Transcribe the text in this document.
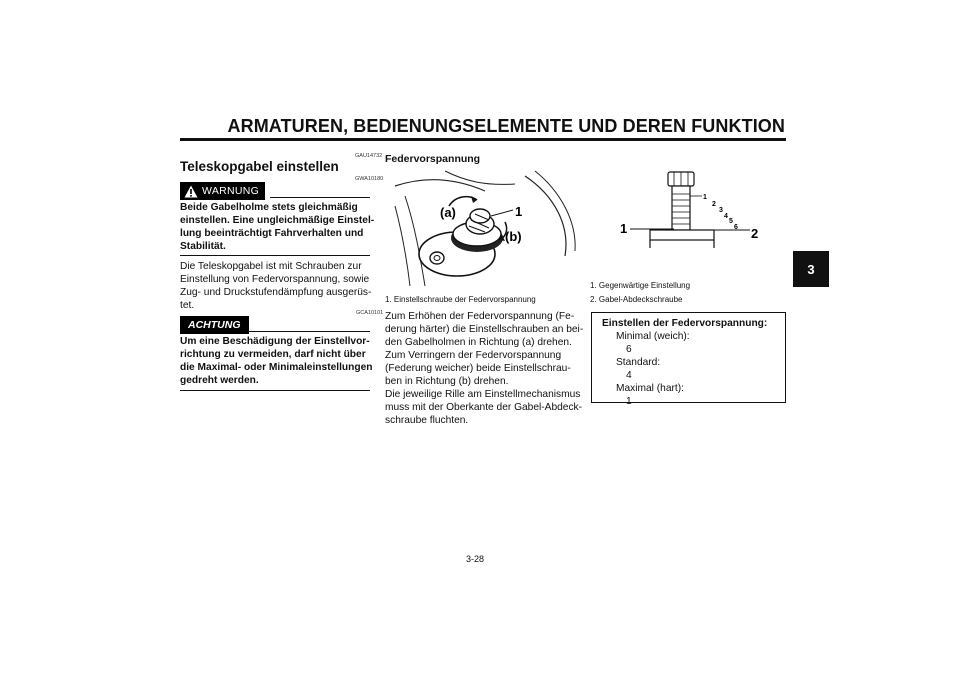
ARMATUREN, BEDIENUNGSELEMENTE UND DEREN FUNKTION
3
GAU14732
Teleskopgabel einstellen
GWA10180
WARNUNG
Beide Gabelholme stets gleichmäßig
einstellen. Eine ungleichmäßige Einstel-
lung beeinträchtigt Fahrverhalten und
Stabilität.
Die Teleskopgabel ist mit Schrauben zur
Einstellung von Federvorspannung, sowie
Zug- und Druckstufendämpfung ausgerüs-
tet.
GCA10101
ACHTUNG
Um eine Beschädigung der Einstellvor-
richtung zu vermeiden, darf nicht über
die Maximal- oder Minimaleinstellungen
gedreht werden.
Federvorspannung
(a)
(b)
1
1. Einstellschraube der Federvorspannung
Zum Erhöhen der Federvorspannung (Fe-
derung härter) die Einstellschrauben an bei-
den Gabelholmen in Richtung (a) drehen.
Zum Verringern der Federvorspannung
(Federung weicher) beide Einstellschrau-
ben in Richtung (b) drehen.
Die jeweilige Rille am Einstellmechanismus
muss mit der Oberkante der Gabel-Abdeck-
schraube fluchten.
1
2
3
4
5
6
1	2
1. Gegenwärtige Einstellung
2. Gabel-Abdeckschraube
Einstellen der Federvorspannung:
Minimal (weich):
6
Standard:
4
Maximal (hart):
1
3-28
